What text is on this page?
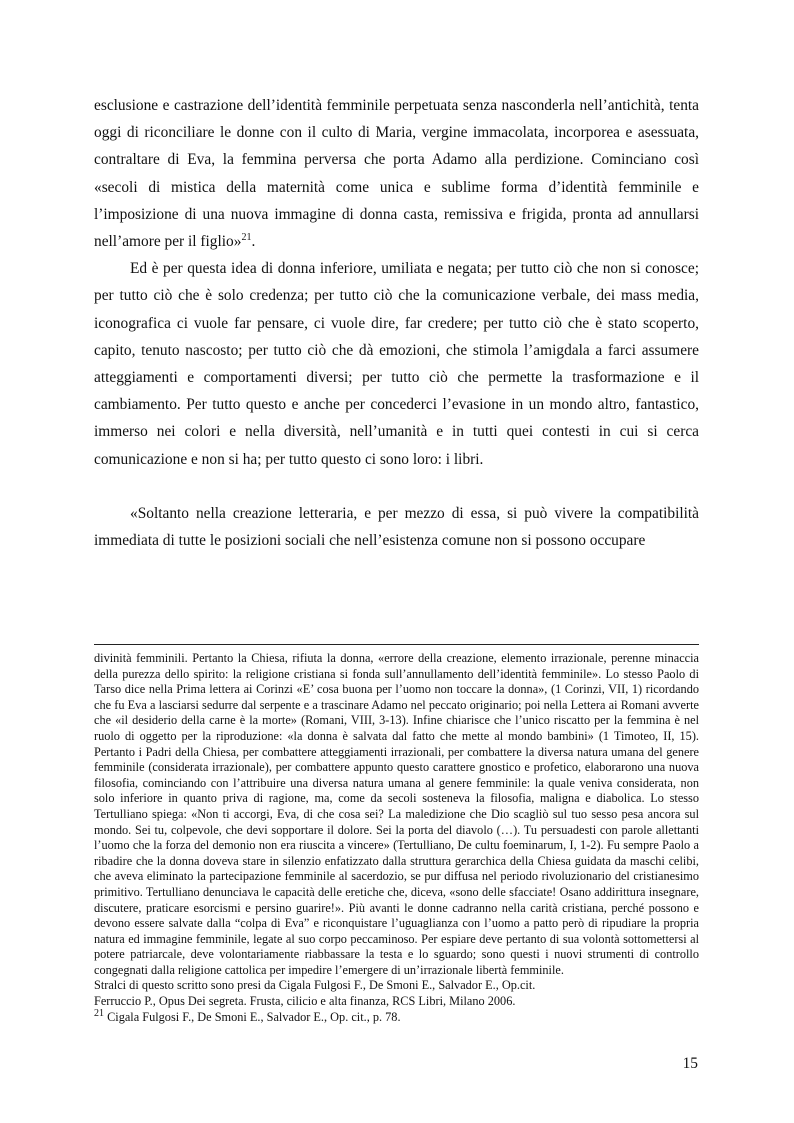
esclusione e castrazione dell’identità femminile perpetuata senza nasconderla nell’antichità, tenta oggi di riconciliare le donne con il culto di Maria, vergine immacolata, incorporea e asessuata, contraltare di Eva, la femmina perversa che porta Adamo alla perdizione. Cominciano così «secoli di mistica della maternità come unica e sublime forma d’identità femminile e l’imposizione di una nuova immagine di donna casta, remissiva e frigida, pronta ad annullarsi nell’amore per il figlio»$^{21}$.

Ed è per questa idea di donna inferiore, umiliata e negata; per tutto ciò che non si conosce; per tutto ciò che è solo credenza; per tutto ciò che la comunicazione verbale, dei mass media, iconografica ci vuole far pensare, ci vuole dire, far credere; per tutto ciò che è stato scoperto, capito, tenuto nascosto; per tutto ciò che dà emozioni, che stimola l’amigdala a farci assumere atteggiamenti e comportamenti diversi; per tutto ciò che permette la trasformazione e il cambiamento. Per tutto questo e anche per concederci l’evasione in un mondo altro, fantastico, immerso nei colori e nella diversità, nell’umanità e in tutti quei contesti in cui si cerca comunicazione e non si ha; per tutto questo ci sono loro: i libri.

«Soltanto nella creazione letteraria, e per mezzo di essa, si può vivere la compatibilità immediata di tutte le posizioni sociali che nell’esistenza comune non si possono occupare

divinità femminili. Pertanto la Chiesa, rifiuta la donna, «errore della creazione, elemento irrazionale, perenne minaccia della purezza dello spirito: la religione cristiana si fonda sull’annullamento dell’identità femminile». Lo stesso Paolo di Tarso dice nella Prima lettera ai Corinzi «E’ cosa buona per l’uomo non toccare la donna», (1 Corinzi, VII, 1) ricordando che fu Eva a lasciarsi sedurre dal serpente e a trascinare Adamo nel peccato originario; poi nella Lettera ai Romani avverte che «il desiderio della carne è la morte» (Romani, VIII, 3-13). Infine chiarisce che l’unico riscatto per la femmina è nel ruolo di oggetto per la riproduzione: «la donna è salvata dal fatto che mette al mondo bambini» (1 Timoteo, II, 15). Pertanto i Padri della Chiesa, per combattere atteggiamenti irrazionali, per combattere la diversa natura umana del genere femminile (considerata irrazionale), per combattere appunto questo carattere gnostico e profetico, elaborarono una nuova filosofia, cominciando con l’attribuire una diversa natura umana al genere femminile: la quale veniva considerata, non solo inferiore in quanto priva di ragione, ma, come da secoli sosteneva la filosofia, maligna e diabolica. Lo stesso Tertulliano spiega: «Non ti accorgi, Eva, di che cosa sei? La maledizione che Dio scagliò sul tuo sesso pesa ancora sul mondo. Sei tu, colpevole, che devi sopportare il dolore. Sei la porta del diavolo (…). Tu persuadesti con parole allettanti l’uomo che la forza del demonio non era riuscita a vincere» (Tertulliano, De cultu foeminarum, I, 1-2). Fu sempre Paolo a ribadire che la donna doveva stare in silenzio enfatizzato dalla struttura gerarchica della Chiesa guidata da maschi celibi, che aveva eliminato la partecipazione femminile al sacerdozio, se pur diffusa nel periodo rivoluzionario del cristianesimo primitivo. Tertulliano denunciava le capacità delle eretiche che, diceva, «sono delle sfacciate! Osano addirittura insegnare, discutere, praticare esorcismi e persino guarire!». Più avanti le donne cadranno nella carità cristiana, perché possono e devono essere salvate dalla “colpa di Eva” e riconquistare l’uguaglianza con l’uomo a patto però di ripudiare la propria natura ed immagine femminile, legate al suo corpo peccaminoso. Per espiare deve pertanto di sua volontà sottomettersi al potere patriarcale, deve volontariamente riabbassare la testa e lo sguardo; sono questi i nuovi strumenti di controllo congegnati dalla religione cattolica per impedire l’emergere di un’irrazionale libertà femminile.

Stralci di questo scritto sono presi da Cigala Fulgosi F., De Smoni E., Salvador E., Op.cit.

Ferruccio P., Opus Dei segreta. Frusta, cilicio e alta finanza, RCS Libri, Milano 2006.

$^{21}$ Cigala Fulgosi F., De Smoni E., Salvador E., Op. cit., p. 78.

15
